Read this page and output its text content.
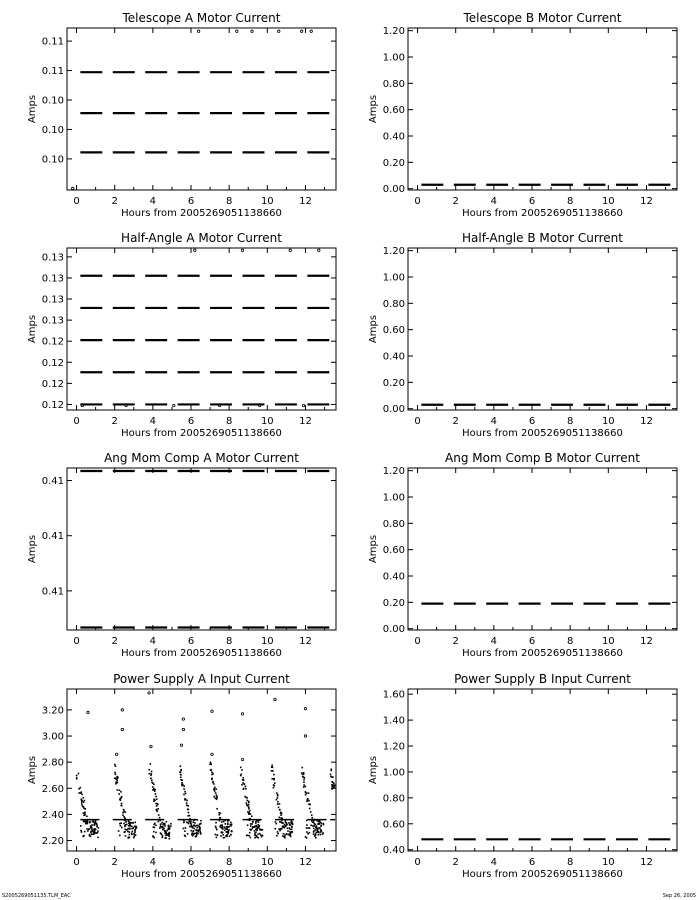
Telescope A Motor Current
0	2	4	6	8	10	12
0.10
0.10
0.10
0.11
0.11
Hours from 2005269051138660
Amps
Telescope B Motor Current
0	2	4	6	8	10	12
0.00
0.20
0.40
0.60
0.80
1.00
1.20
Hours from 2005269051138660
Amps
Half-Angle A Motor Current
0	2	4	6	8	10	12
0.12
0.12
0.12
0.12
0.13
0.13
0.13
0.13
Hours from 2005269051138660
Amps
Half-Angle B Motor Current
0	2	4	6	8	10	12
0.00
0.20
0.40
0.60
0.80
1.00
1.20
Hours from 2005269051138660
Amps
Ang Mom Comp A Motor Current
0	2	4	6	8	10	12
0.41
0.41
0.41
Hours from 2005269051138660
Amps
Ang Mom Comp B Motor Current
0	2	4	6	8	10	12
0.00
0.20
0.40
0.60
0.80
1.00
1.20
Hours from 2005269051138660
Amps
Power Supply A Input Current
0	2	4	6	8	10	12
2.20
2.40
2.60
2.80
3.00
3.20
Hours from 2005269051138660
Amps
Power Supply B Input Current
0	2	4	6	8	10	12
0.40
0.60
0.80
1.00
1.20
1.40
1.60
Hours from 2005269051138660
Amps
S2005269051135.TLM_EAC	Sep 26, 2005
